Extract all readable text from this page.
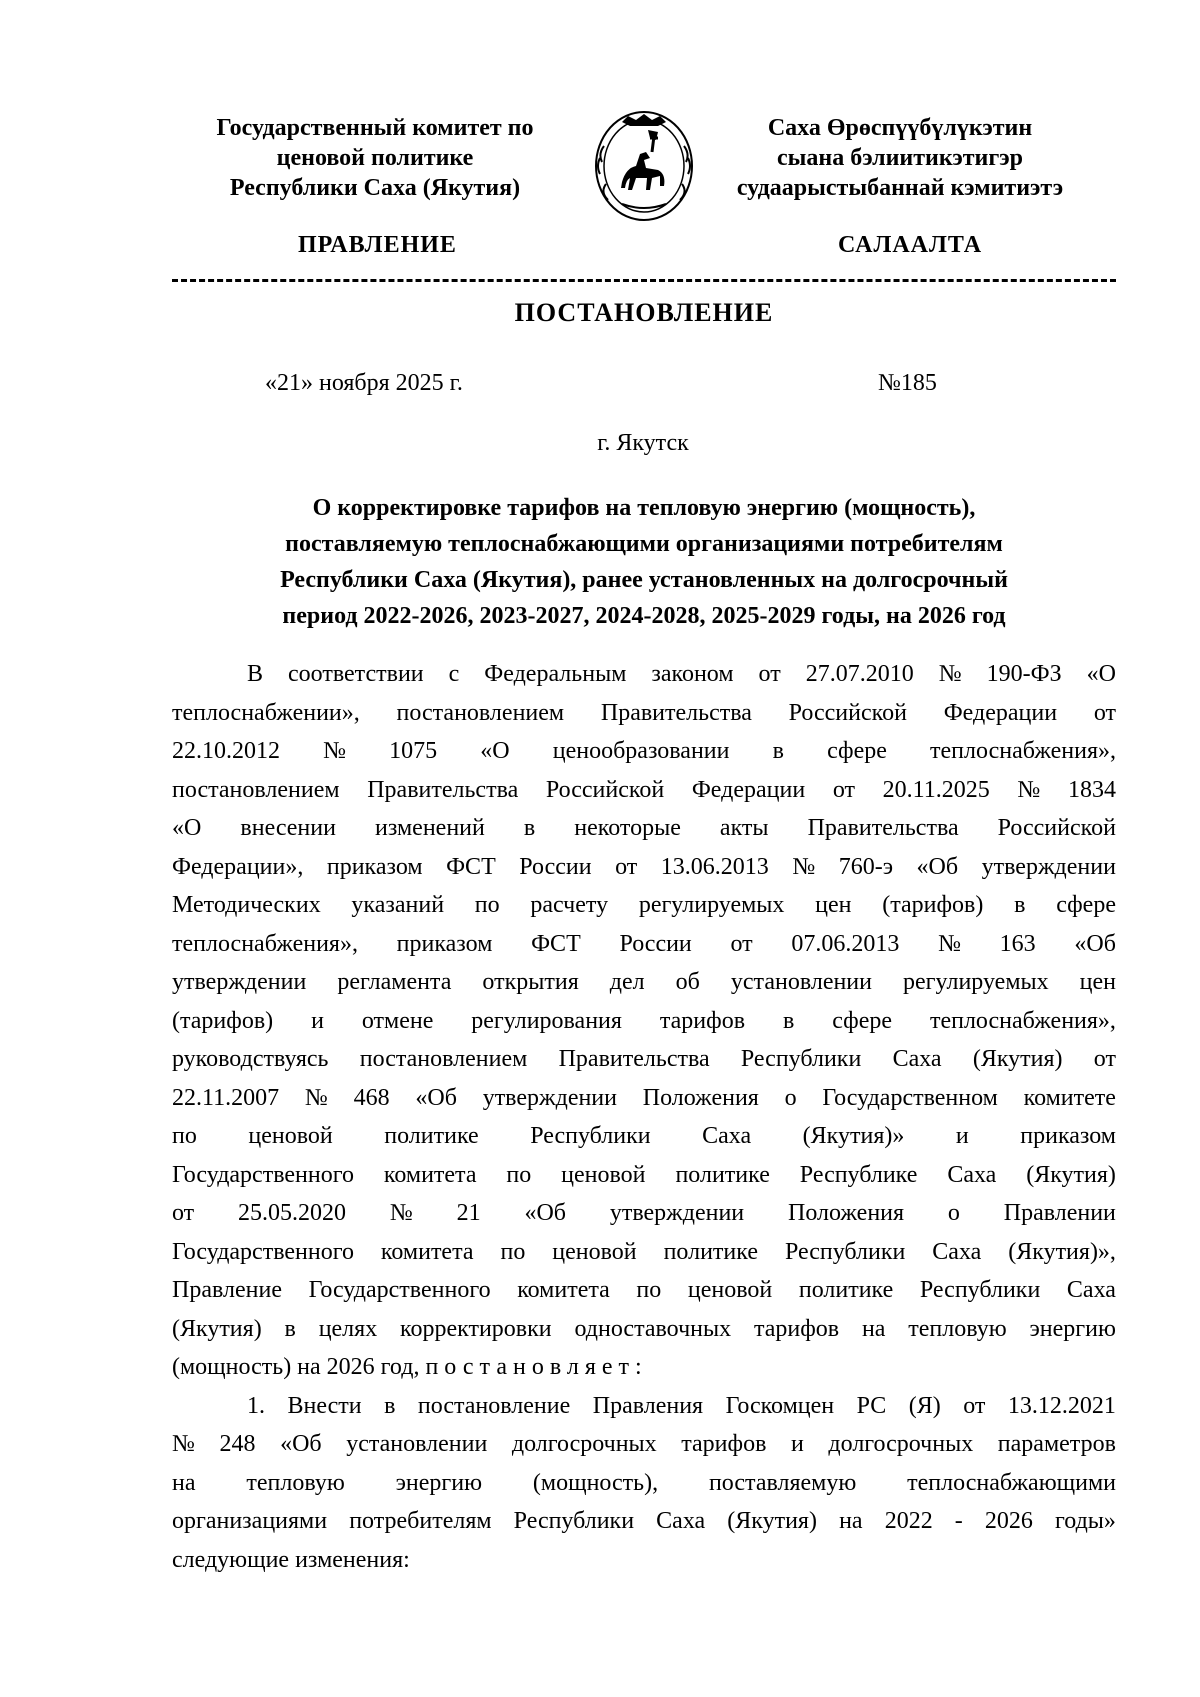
Государственный комитет по
ценовой политике
Республики Саха (Якутия)
Саха Өрөспүүбүлүкэтин
сыана бэлиитикэтигэр
судаарыстыбаннай кэмитиэтэ
ПРАВЛЕНИЕ	САЛААЛТА
ПОСТАНОВЛЕНИЕ
«21» ноября 2025 г.	№185
г. Якутск
О корректировке тарифов на тепловую энергию (мощность),
поставляемую теплоснабжающими организациями потребителям
Республики Саха (Якутия), ранее установленных на долгосрочный
период 2022-2026, 2023-2027, 2024-2028, 2025-2029 годы, на 2026 год
В соответствии с Федеральным законом от 27.07.2010 № 190-ФЗ «О
теплоснабжении», постановлением Правительства Российской Федерации от
22.10.2012 № 1075 «О ценообразовании в сфере теплоснабжения»,
постановлением Правительства Российской Федерации от 20.11.2025 № 1834
«О внесении изменений в некоторые акты Правительства Российской
Федерации», приказом ФСТ России от 13.06.2013 № 760-э «Об утверждении
Методических указаний по расчету регулируемых цен (тарифов) в сфере
теплоснабжения», приказом ФСТ России от 07.06.2013 № 163 «Об
утверждении регламента открытия дел об установлении регулируемых цен
(тарифов) и отмене регулирования тарифов в сфере теплоснабжения»,
руководствуясь постановлением Правительства Республики Саха (Якутия) от
22.11.2007 № 468 «Об утверждении Положения о Государственном комитете
по ценовой политике Республики Саха (Якутия)» и приказом
Государственного комитета по ценовой политике Республике Саха (Якутия)
от 25.05.2020 № 21 «Об утверждении Положения о Правлении
Государственного комитета по ценовой политике Республики Саха (Якутия)»,
Правление Государственного комитета по ценовой политике Республики Саха
(Якутия) в целях корректировки одноставочных тарифов на тепловую энергию
(мощность) на 2026 год,
постановляет:
1. Внести в постановление Правления Госкомцен РС (Я) от 13.12.2021
№ 248 «Об установлении долгосрочных тарифов и долгосрочных параметров
на тепловую энергию (мощность), поставляемую теплоснабжающими
организациями потребителям Республики Саха (Якутия) на 2022 - 2026 годы»
следующие изменения:
